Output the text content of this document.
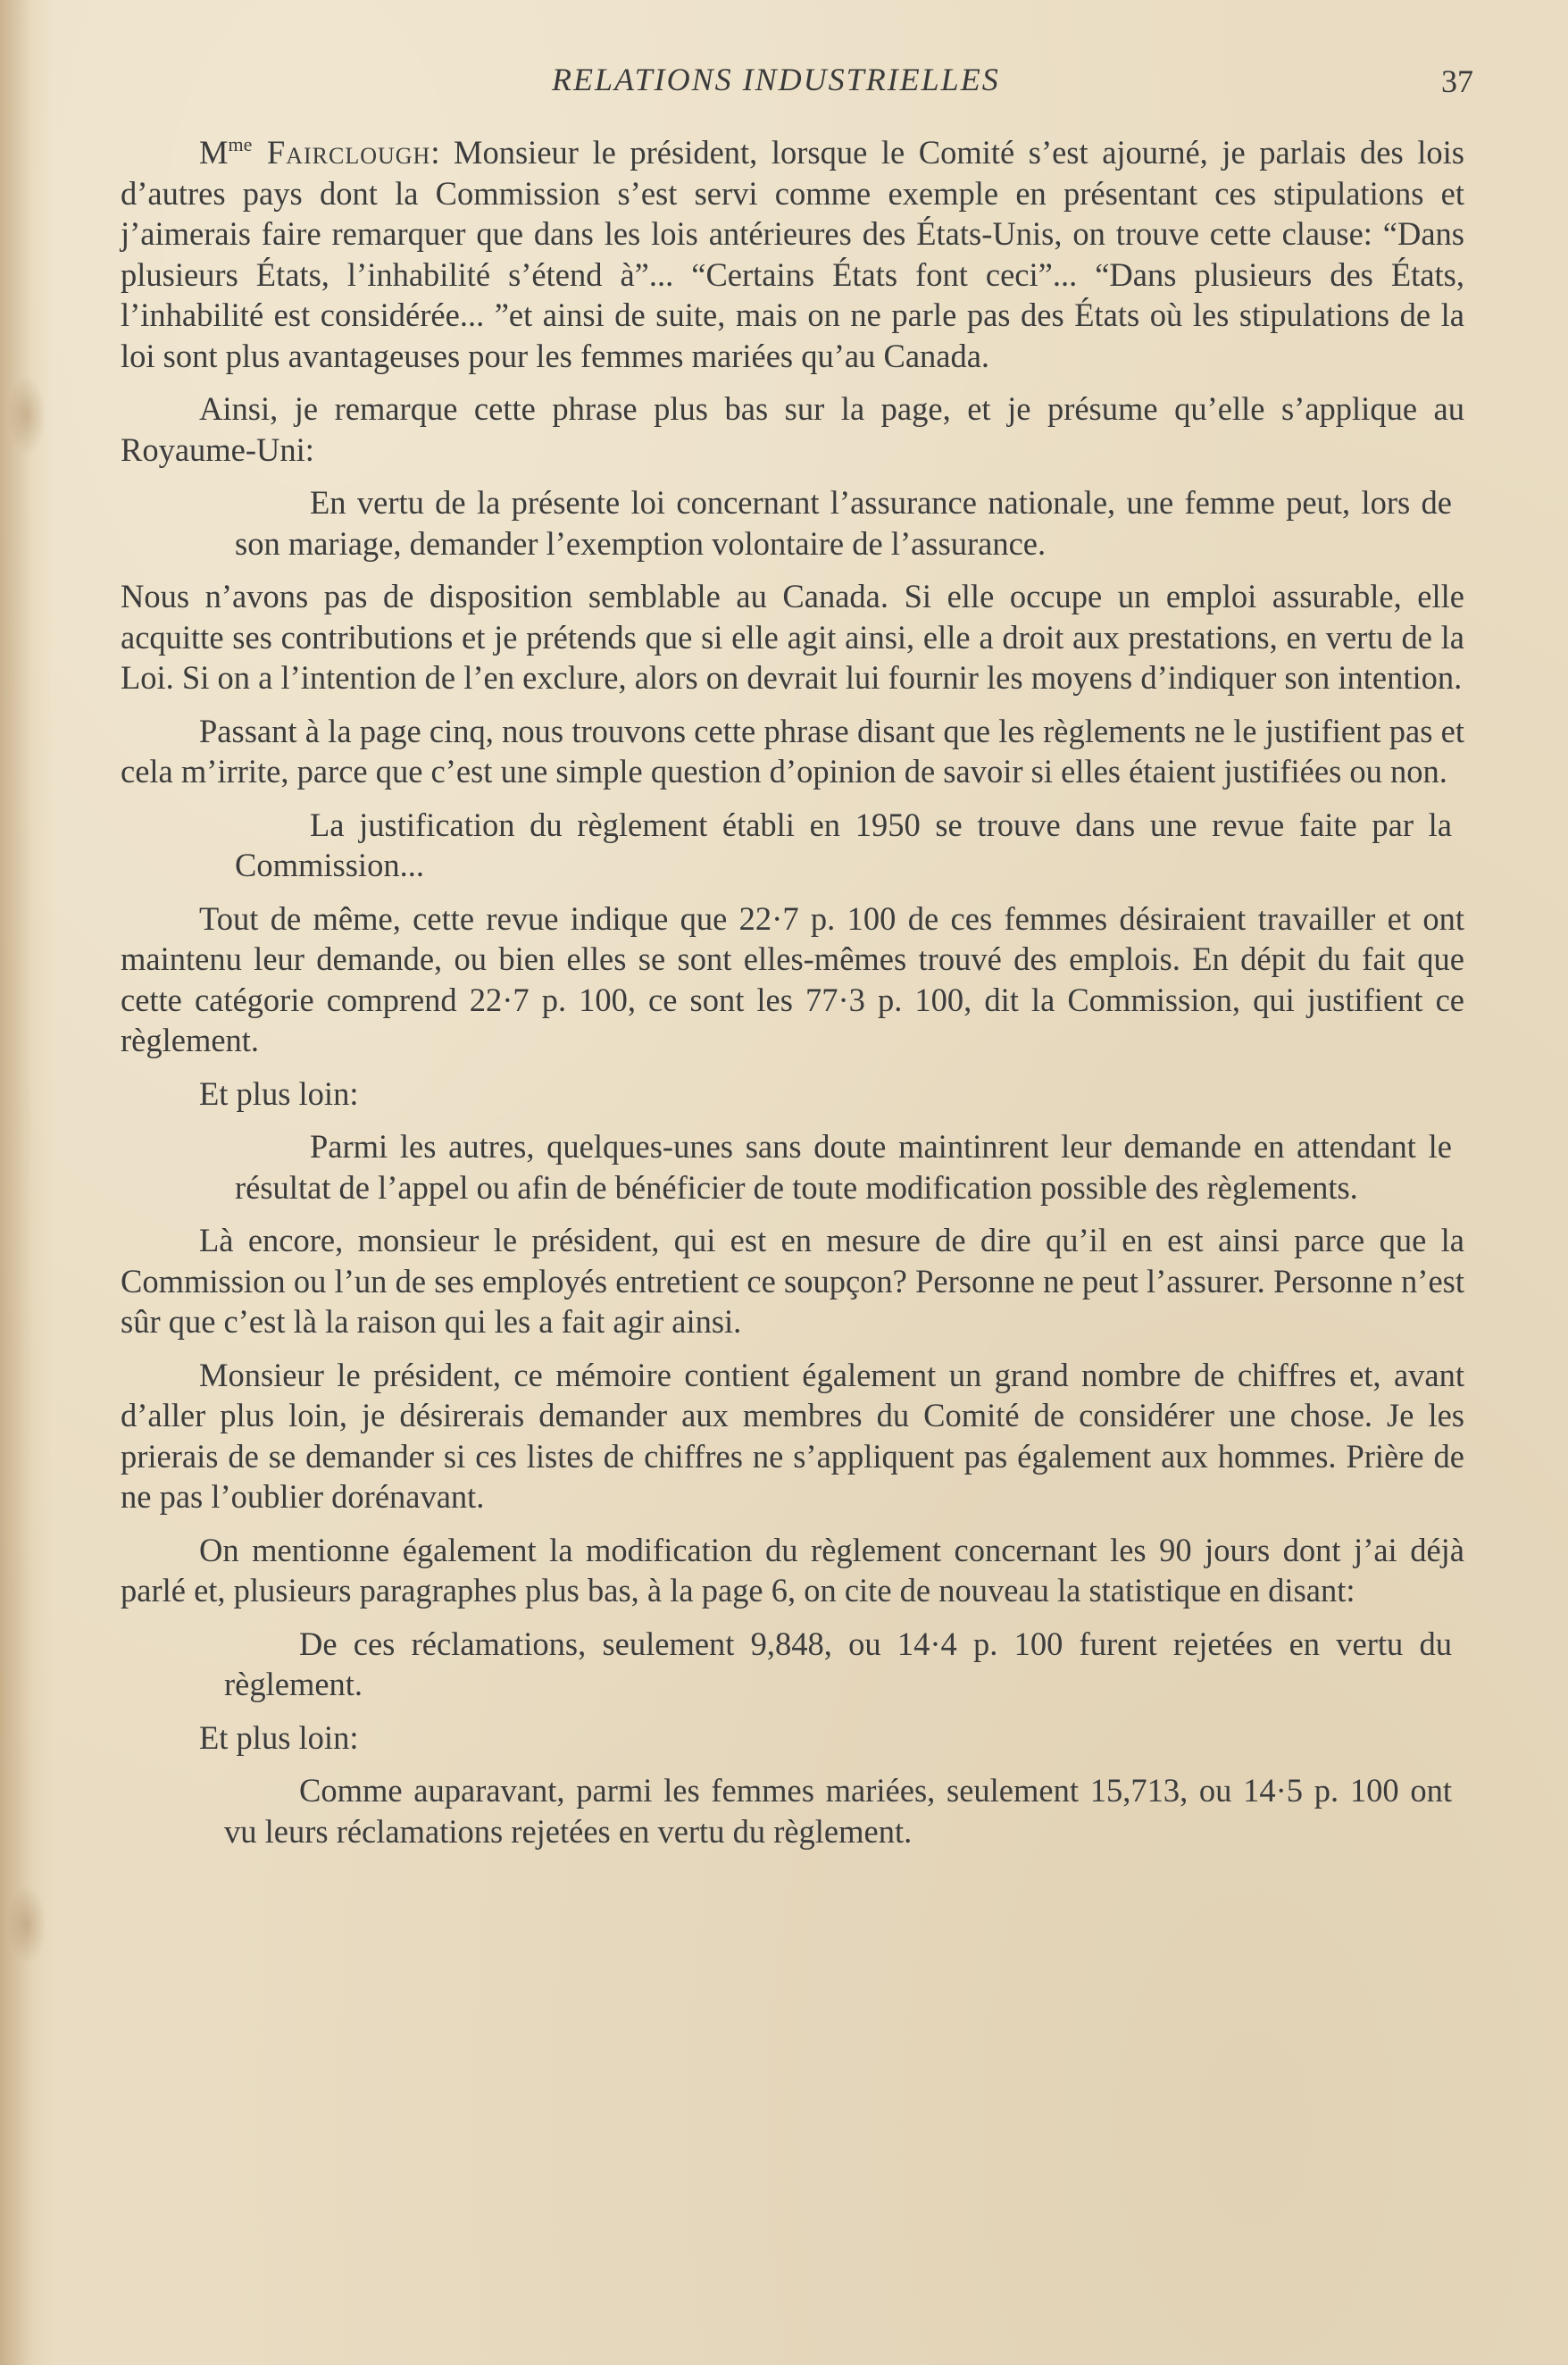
RELATIONS INDUSTRIELLES	37

$M^{me}$ Fairclough: Monsieur le président, lorsque le Comité s’est ajourné, je parlais des lois d’autres pays dont la Commission s’est servi comme exemple en présentant ces stipulations et j’aimerais faire remarquer que dans les lois antérieures des États-Unis, on trouve cette clause: “Dans plusieurs États, l’inhabilité s’étend à”... “Certains États font ceci”... “Dans plusieurs des États, l’inhabilité est considérée... ”et ainsi de suite, mais on ne parle pas des États où les stipulations de la loi sont plus avantageuses pour les femmes mariées qu’au Canada.

Ainsi, je remarque cette phrase plus bas sur la page, et je présume qu’elle s’applique au Royaume-Uni:

En vertu de la présente loi concernant l’assurance nationale, une femme peut, lors de son mariage, demander l’exemption volontaire de l’assurance.

Nous n’avons pas de disposition semblable au Canada. Si elle occupe un emploi assurable, elle acquitte ses contributions et je prétends que si elle agit ainsi, elle a droit aux prestations, en vertu de la Loi. Si on a l’intention de l’en exclure, alors on devrait lui fournir les moyens d’indiquer son intention.

Passant à la page cinq, nous trouvons cette phrase disant que les règlements ne le justifient pas et cela m’irrite, parce que c’est une simple question d’opinion de savoir si elles étaient justifiées ou non.

La justification du règlement établi en 1950 se trouve dans une revue faite par la Commission...

Tout de même, cette revue indique que 22·7 p. 100 de ces femmes désiraient travailler et ont maintenu leur demande, ou bien elles se sont elles-mêmes trouvé des emplois. En dépit du fait que cette catégorie comprend 22·7 p. 100, ce sont les 77·3 p. 100, dit la Commission, qui justifient ce règlement.

Et plus loin:

Parmi les autres, quelques-unes sans doute maintinrent leur demande en attendant le résultat de l’appel ou afin de bénéficier de toute modification possible des règlements.

Là encore, monsieur le président, qui est en mesure de dire qu’il en est ainsi parce que la Commission ou l’un de ses employés entretient ce soupçon? Personne ne peut l’assurer. Personne n’est sûr que c’est là la raison qui les a fait agir ainsi.

Monsieur le président, ce mémoire contient également un grand nombre de chiffres et, avant d’aller plus loin, je désirerais demander aux membres du Comité de considérer une chose. Je les prierais de se demander si ces listes de chiffres ne s’appliquent pas également aux hommes. Prière de ne pas l’oublier dorénavant.

On mentionne également la modification du règlement concernant les 90 jours dont j’ai déjà parlé et, plusieurs paragraphes plus bas, à la page 6, on cite de nouveau la statistique en disant:

De ces réclamations, seulement 9,848, ou 14·4 p. 100 furent rejetées en vertu du règlement.

Et plus loin:

Comme auparavant, parmi les femmes mariées, seulement 15,713, ou 14·5 p. 100 ont vu leurs réclamations rejetées en vertu du règlement.
